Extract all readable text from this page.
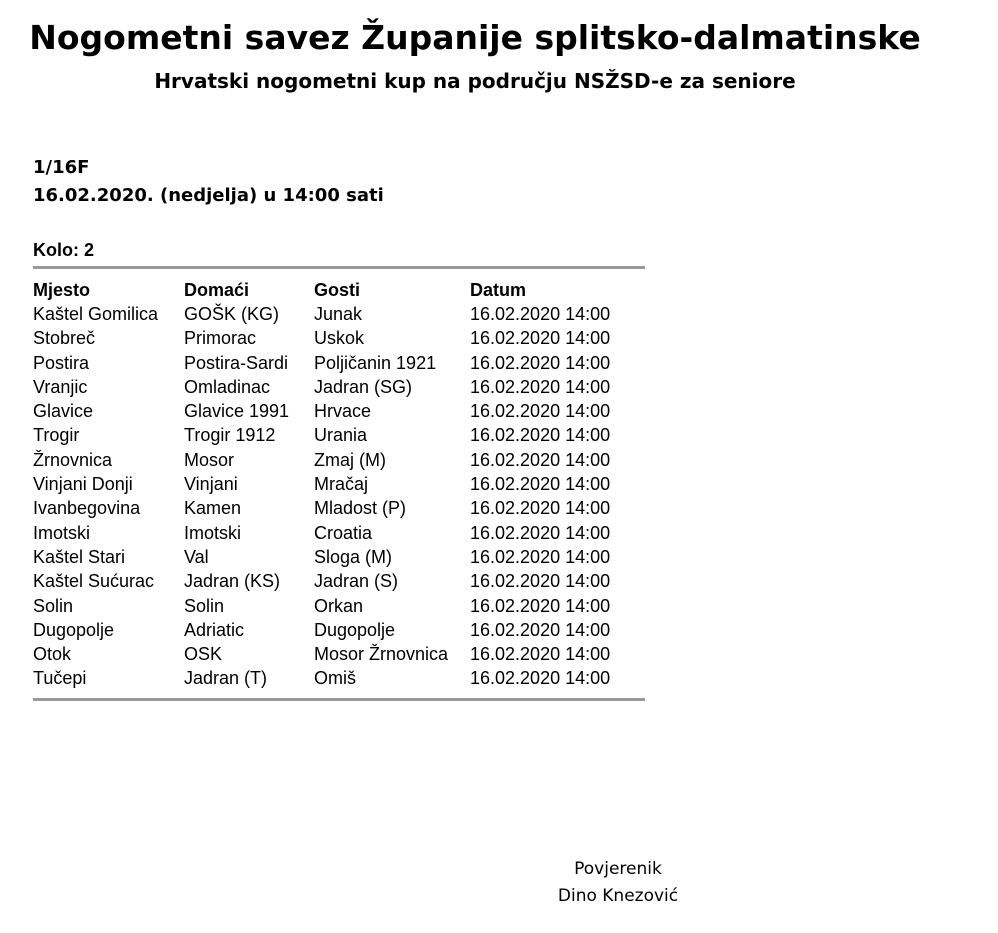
Nogometni savez Županije splitsko-dalmatinske
Hrvatski nogometni kup na području NSŽSD-e za seniore
1/16F
16.02.2020. (nedjelja) u 14:00 sati
Kolo: 2
Mjesto	Domaći	Gosti	Datum
Kaštel Gomilica	GOŠK (KG)	Junak	16.02.2020 14:00
Stobreč	Primorac	Uskok	16.02.2020 14:00
Postira	Postira-Sardi	Poljičanin 1921	16.02.2020 14:00
Vranjic	Omladinac	Jadran (SG)	16.02.2020 14:00
Glavice	Glavice 1991	Hrvace	16.02.2020 14:00
Trogir	Trogir 1912	Urania	16.02.2020 14:00
Žrnovnica	Mosor	Zmaj (M)	16.02.2020 14:00
Vinjani Donji	Vinjani	Mračaj	16.02.2020 14:00
Ivanbegovina	Kamen	Mladost (P)	16.02.2020 14:00
Imotski	Imotski	Croatia	16.02.2020 14:00
Kaštel Stari	Val	Sloga (M)	16.02.2020 14:00
Kaštel Sućurac	Jadran (KS)	Jadran (S)	16.02.2020 14:00
Solin	Solin	Orkan	16.02.2020 14:00
Dugopolje	Adriatic	Dugopolje	16.02.2020 14:00
Otok	OSK	Mosor Žrnovnica	16.02.2020 14:00
Tučepi	Jadran (T)	Omiš	16.02.2020 14:00
Povjerenik
Dino Knezović
